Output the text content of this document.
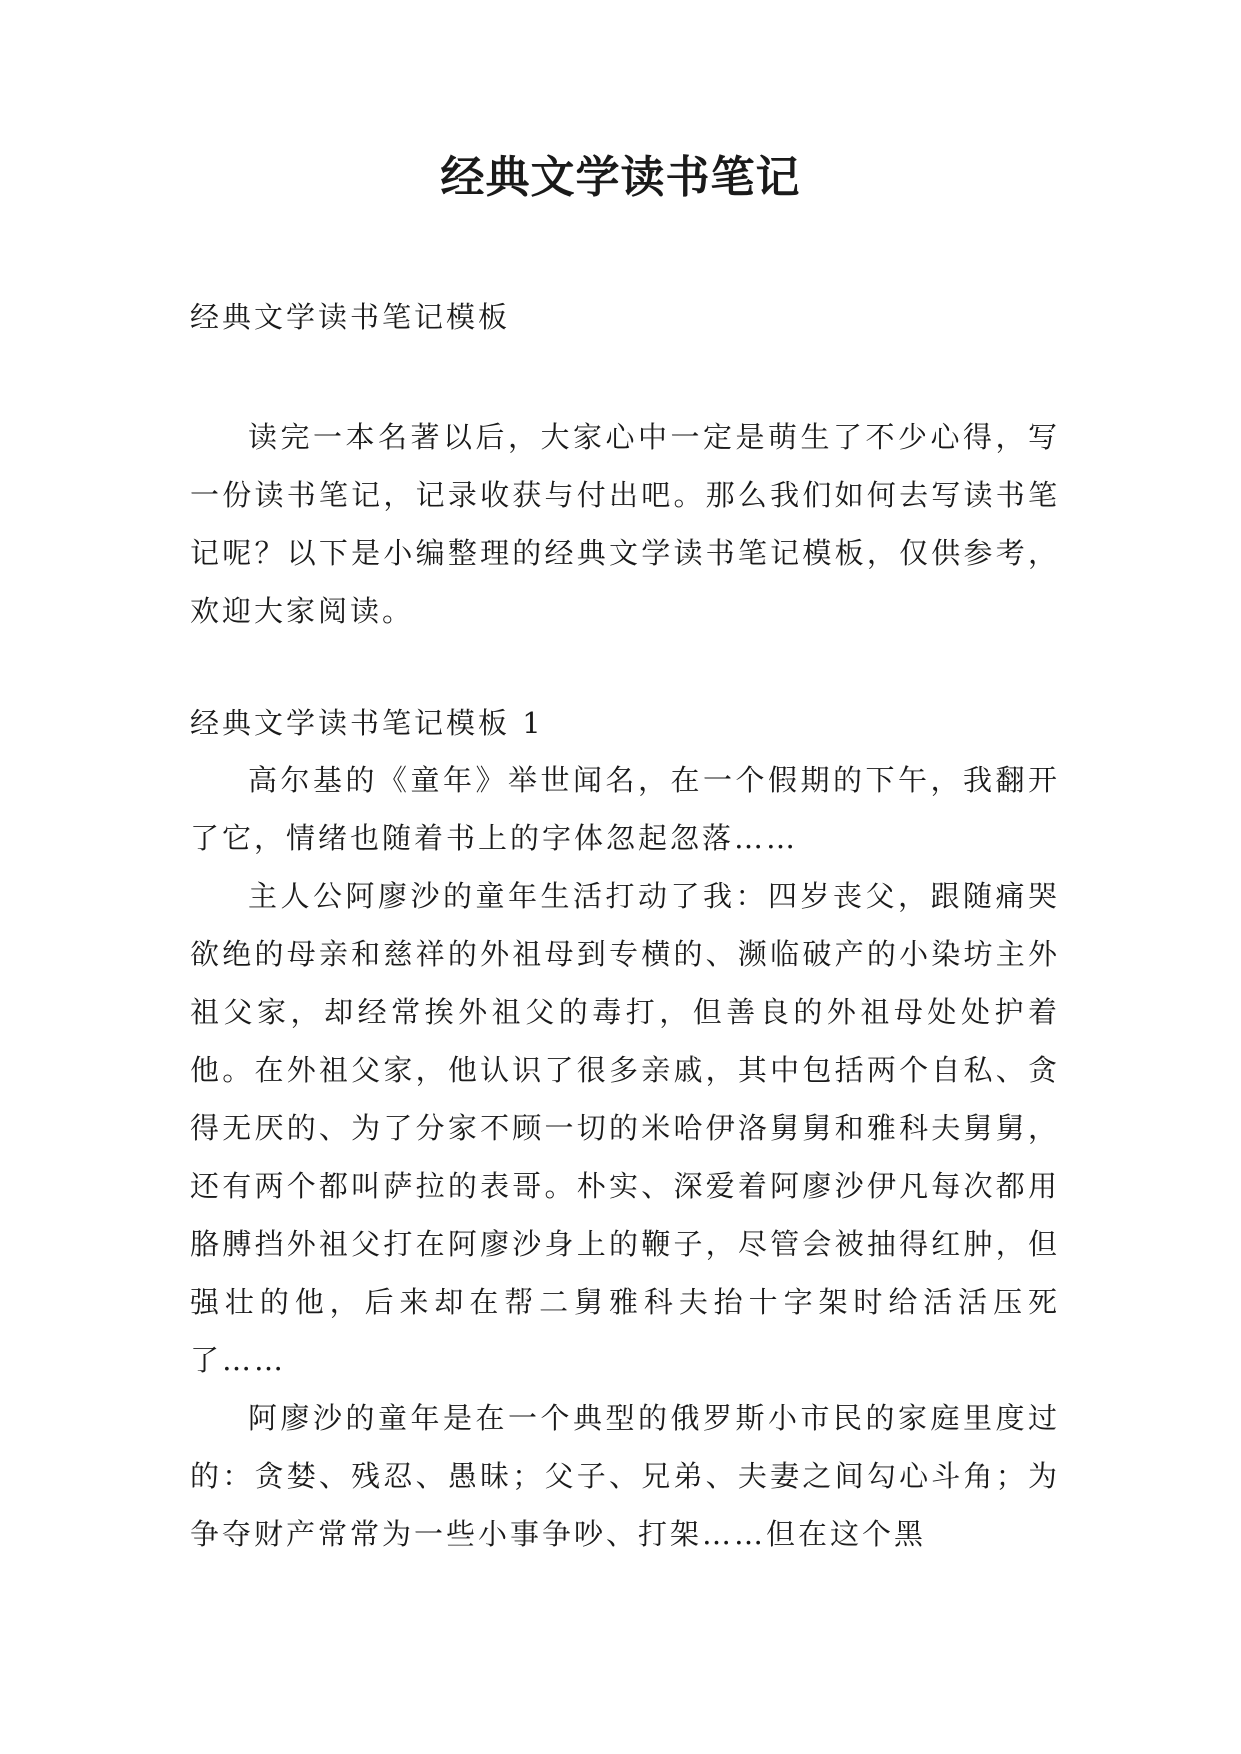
经典文学读书笔记
经典文学读书笔记模板

读完一本名著以后，大家心中一定是萌生了不少心得，写一份读书笔记，记录收获与付出吧。那么我们如何去写读书笔记呢？以下是小编整理的经典文学读书笔记模板，仅供参考，欢迎大家阅读。

经典文学读书笔记模板 1

高尔基的《童年》举世闻名，在一个假期的下午，我翻开了它，情绪也随着书上的字体忽起忽落……

主人公阿廖沙的童年生活打动了我：四岁丧父，跟随痛哭欲绝的母亲和慈祥的外祖母到专横的、濒临破产的小染坊主外祖父家，却经常挨外祖父的毒打，但善良的外祖母处处护着他。在外祖父家，他认识了很多亲戚，其中包括两个自私、贪得无厌的、为了分家不顾一切的米哈伊洛舅舅和雅科夫舅舅，还有两个都叫萨拉的表哥。朴实、深爱着阿廖沙伊凡每次都用胳膊挡外祖父打在阿廖沙身上的鞭子，尽管会被抽得红肿，但强壮的他，后来却在帮二舅雅科夫抬十字架时给活活压死了……

阿廖沙的童年是在一个典型的俄罗斯小市民的家庭里度过的：贪婪、残忍、愚昧；父子、兄弟、夫妻之间勾心斗角；为争夺财产常常为一些小事争吵、打架……但在这个黑
